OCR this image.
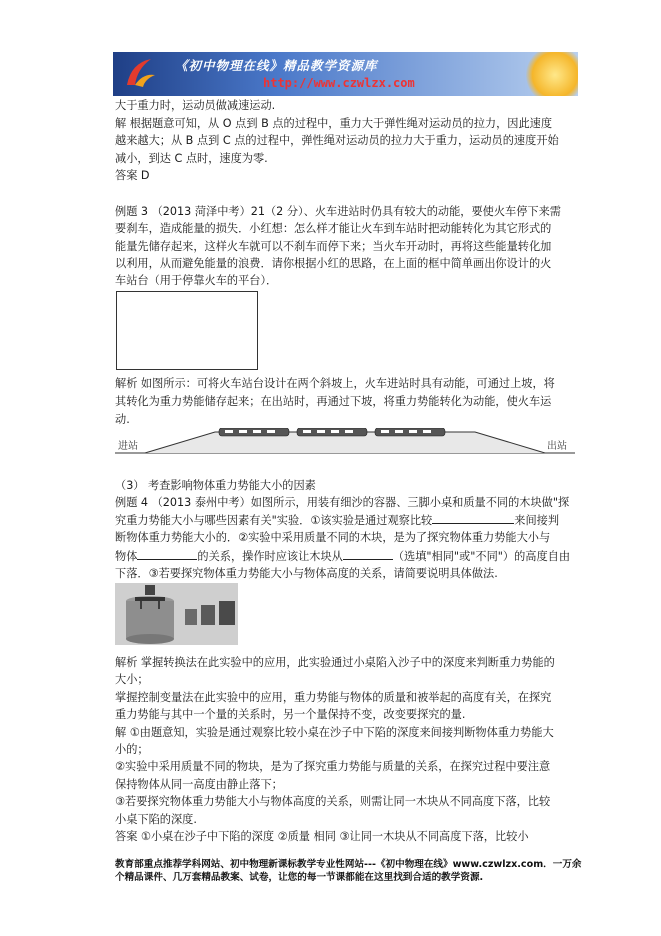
《初中物理在线》精品教学资源库
http://www.czwlzx.com
大于重力时，运动员做减速运动.
解 根据题意可知，从 O 点到 B 点的过程中，重力大于弹性绳对运动员的拉力，因此速度
越来越大；从 B 点到 C 点的过程中，弹性绳对运动员的拉力大于重力，运动员的速度开始
减小，到达 C 点时，速度为零.
答案 D
例题 3 （2013 菏泽中考）21（2 分）、火车进站时仍具有较大的动能，要使火车停下来需
要刹车，造成能量的损失．小红想：怎么样才能让火车到车站时把动能转化为其它形式的
能量先储存起来，这样火车就可以不刹车而停下来；当火车开动时，再将这些能量转化加
以利用，从而避免能量的浪费．请你根据小红的思路，在上面的框中简单画出你设计的火
车站台（用于停靠火车的平台）．
解析 如图所示：可将火车站台设计在两个斜坡上，火车进站时具有动能，可通过上坡，将
其转化为重力势能储存起来；在出站时，再通过下坡，将重力势能转化为动能，使火车运
动.
进站	出站
（3） 考查影响物体重力势能大小的因素
例题 4 （2013 泰州中考）如图所示，用装有细沙的容器、三脚小桌和质量不同的木块做"探
究重力势能大小与哪些因素有关"实验．①该实验是通过观察比较	来间接判
断物体重力势能大小的．②实验中采用质量不同的木块，是为了探究物体重力势能大小与
物体	的关系，操作时应该让木块从	（选填"相同"或"不同"）的高度自由
下落．③若要探究物体重力势能大小与物体高度的关系，请简要说明具体做法.
解析 掌握转换法在此实验中的应用，此实验通过小桌陷入沙子中的深度来判断重力势能的
大小；
掌握控制变量法在此实验中的应用，重力势能与物体的质量和被举起的高度有关，在探究
重力势能与其中一个量的关系时，另一个量保持不变，改变要探究的量.
解 ①由题意知，实验是通过观察比较小桌在沙子中下陷的深度来间接判断物体重力势能大
小的；
②实验中采用质量不同的物块，是为了探究重力势能与质量的关系，在探究过程中要注意
保持物体从同一高度由静止落下；
③若要探究物体重力势能大小与物体高度的关系，则需让同一木块从不同高度下落，比较
小桌下陷的深度.
答案 ①小桌在沙子中下陷的深度 ②质量 相同 ③让同一木块从不同高度下落，比较小
教育部重点推荐学科网站、初中物理新课标教学专业性网站---《初中物理在线》www.czwlzx.com．一万余
个精品课件、几万套精品教案、试卷，让您的每一节课都能在这里找到合适的教学资源.
